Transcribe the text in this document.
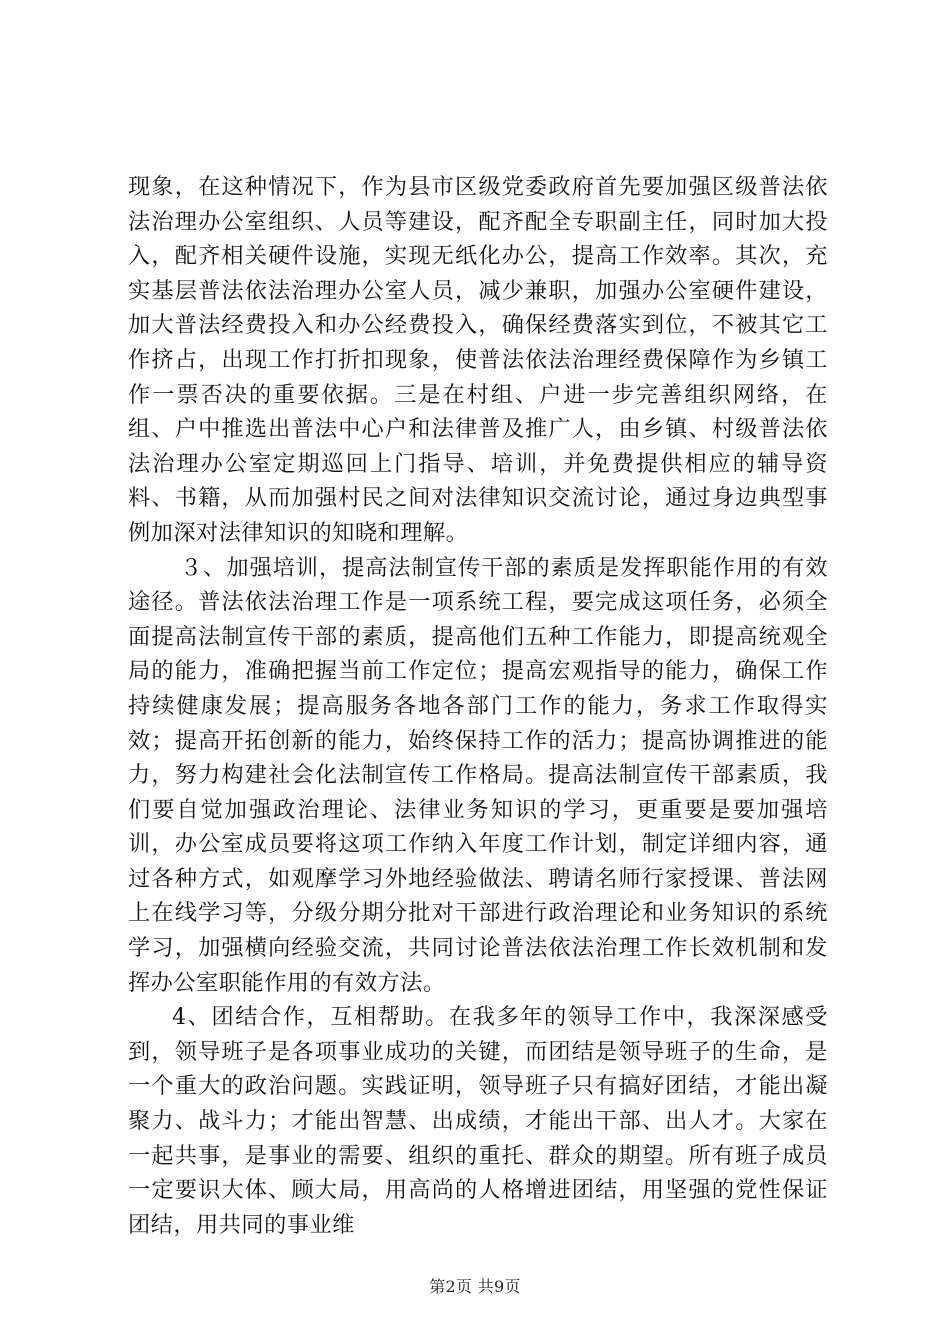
现象，在这种情况下，作为县市区级党委政府首先要加强区级普法依法治理办公室组织、人员等建设，配齐配全专职副主任，同时加大投入，配齐相关硬件设施，实现无纸化办公，提高工作效率。其次，充实基层普法依法治理办公室人员，减少兼职，加强办公室硬件建设，加大普法经费投入和办公经费投入，确保经费落实到位，不被其它工作挤占，出现工作打折扣现象，使普法依法治理经费保障作为乡镇工作一票否决的重要依据。三是在村组、户进一步完善组织网络，在组、户中推选出普法中心户和法律普及推广人，由乡镇、村级普法依法治理办公室定期巡回上门指导、培训，并免费提供相应的辅导资料、书籍，从而加强村民之间对法律知识交流讨论，通过身边典型事例加深对法律知识的知晓和理解。

３、加强培训，提高法制宣传干部的素质是发挥职能作用的有效途径。普法依法治理工作是一项系统工程，要完成这项任务，必须全面提高法制宣传干部的素质，提高他们五种工作能力，即提高统观全局的能力，准确把握当前工作定位；提高宏观指导的能力，确保工作持续健康发展；提高服务各地各部门工作的能力，务求工作取得实效；提高开拓创新的能力，始终保持工作的活力；提高协调推进的能力，努力构建社会化法制宣传工作格局。提高法制宣传干部素质，我们要自觉加强政治理论、法律业务知识的学习，更重要是要加强培训，办公室成员要将这项工作纳入年度工作计划，制定详细内容，通过各种方式，如观摩学习外地经验做法、聘请名师行家授课、普法网上在线学习等，分级分期分批对干部进行政治理论和业务知识的系统学习，加强横向经验交流，共同讨论普法依法治理工作长效机制和发挥办公室职能作用的有效方法。

4、团结合作，互相帮助。在我多年的领导工作中，我深深感受到，领导班子是各项事业成功的关键，而团结是领导班子的生命，是一个重大的政治问题。实践证明，领导班子只有搞好团结，才能出凝聚力、战斗力；才能出智慧、出成绩，才能出干部、出人才。大家在一起共事，是事业的需要、组织的重托、群众的期望。所有班子成员一定要识大体、顾大局，用高尚的人格增进团结，用坚强的党性保证团结，用共同的事业维

第2页 共9页
